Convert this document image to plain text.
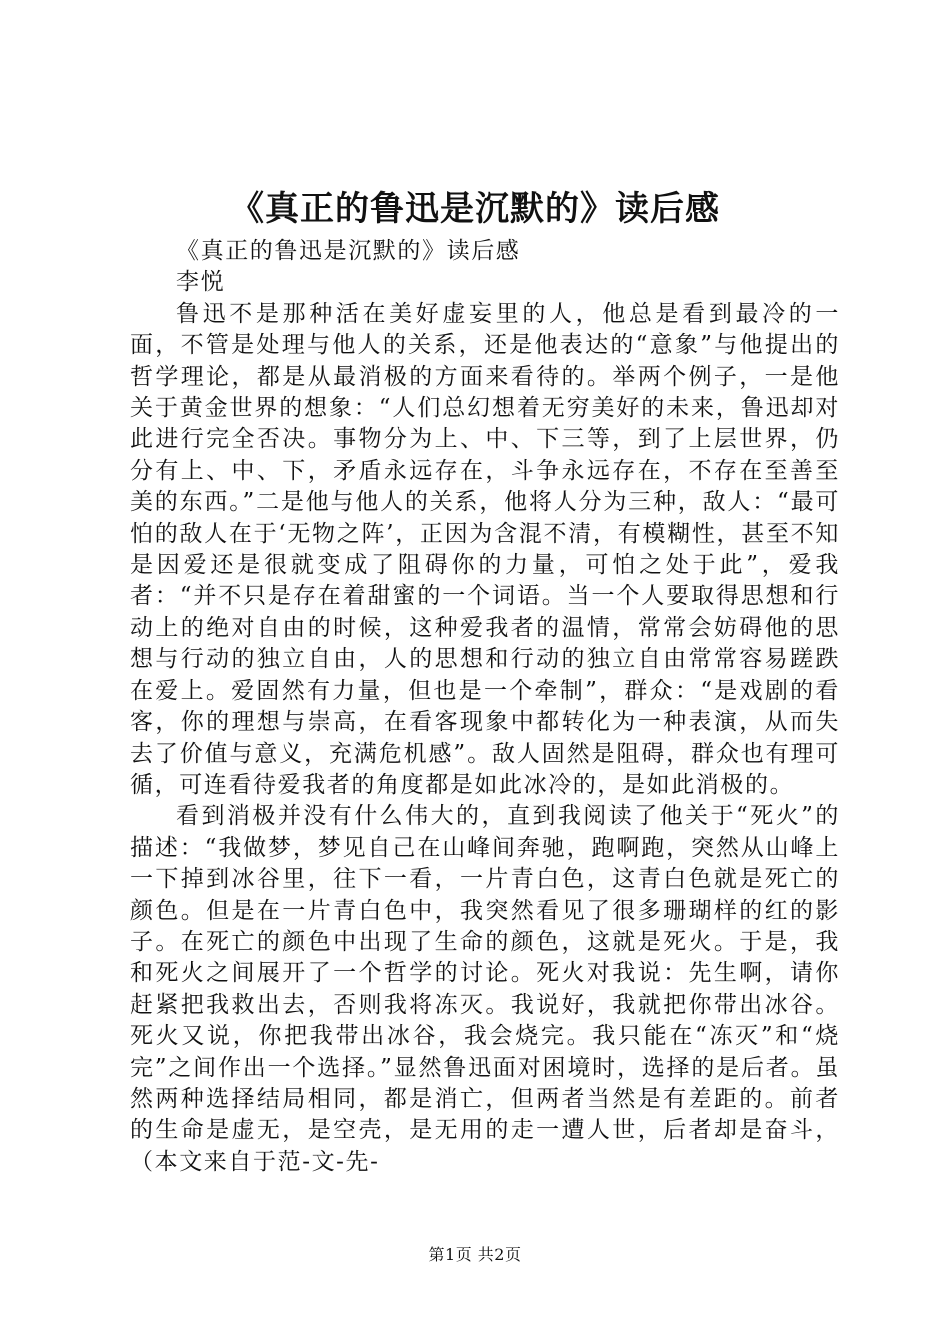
《真正的鲁迅是沉默的》读后感

《真正的鲁迅是沉默的》读后感

李悦

鲁迅不是那种活在美好虚妄里的人，他总是看到最冷的一面，不管是处理与他人的关系，还是他表达的“意象”与他提出的哲学理论，都是从最消极的方面来看待的。举两个例子，一是他关于黄金世界的想象：“人们总幻想着无穷美好的未来，鲁迅却对此进行完全否决。事物分为上、中、下三等，到了上层世界，仍分有上、中、下，矛盾永远存在，斗争永远存在，不存在至善至美的东西。”二是他与他人的关系，他将人分为三种，敌人：“最可怕的敌人在于‘无物之阵’，正因为含混不清，有模糊性，甚至不知是因爱还是很就变成了阻碍你的力量，可怕之处于此”，爱我者：“并不只是存在着甜蜜的一个词语。当一个人要取得思想和行动上的绝对自由的时候，这种爱我者的温情，常常会妨碍他的思想与行动的独立自由，人的思想和行动的独立自由常常容易蹉跌在爱上。爱固然有力量，但也是一个牵制”，群众：“是戏剧的看客，你的理想与崇高，在看客现象中都转化为一种表演，从而失去了价值与意义，充满危机感”。敌人固然是阻碍，群众也有理可循，可连看待爱我者的角度都是如此冰冷的，是如此消极的。

看到消极并没有什么伟大的，直到我阅读了他关于“死火”的描述：“我做梦，梦见自己在山峰间奔驰，跑啊跑，突然从山峰上一下掉到冰谷里，往下一看，一片青白色，这青白色就是死亡的颜色。但是在一片青白色中，我突然看见了很多珊瑚样的红的影子。在死亡的颜色中出现了生命的颜色，这就是死火。于是，我和死火之间展开了一个哲学的讨论。死火对我说：先生啊，请你赶紧把我救出去，否则我将冻灭。我说好，我就把你带出冰谷。死火又说，你把我带出冰谷，我会烧完。我只能在“冻灭”和“烧完”之间作出一个选择。”显然鲁迅面对困境时，选择的是后者。虽然两种选择结局相同，都是消亡，但两者当然是有差距的。前者的生命是虚无，是空壳，是无用的走一遭人世，后者却是奋斗，（本文来自于范-文-先-

第1页 共2页
